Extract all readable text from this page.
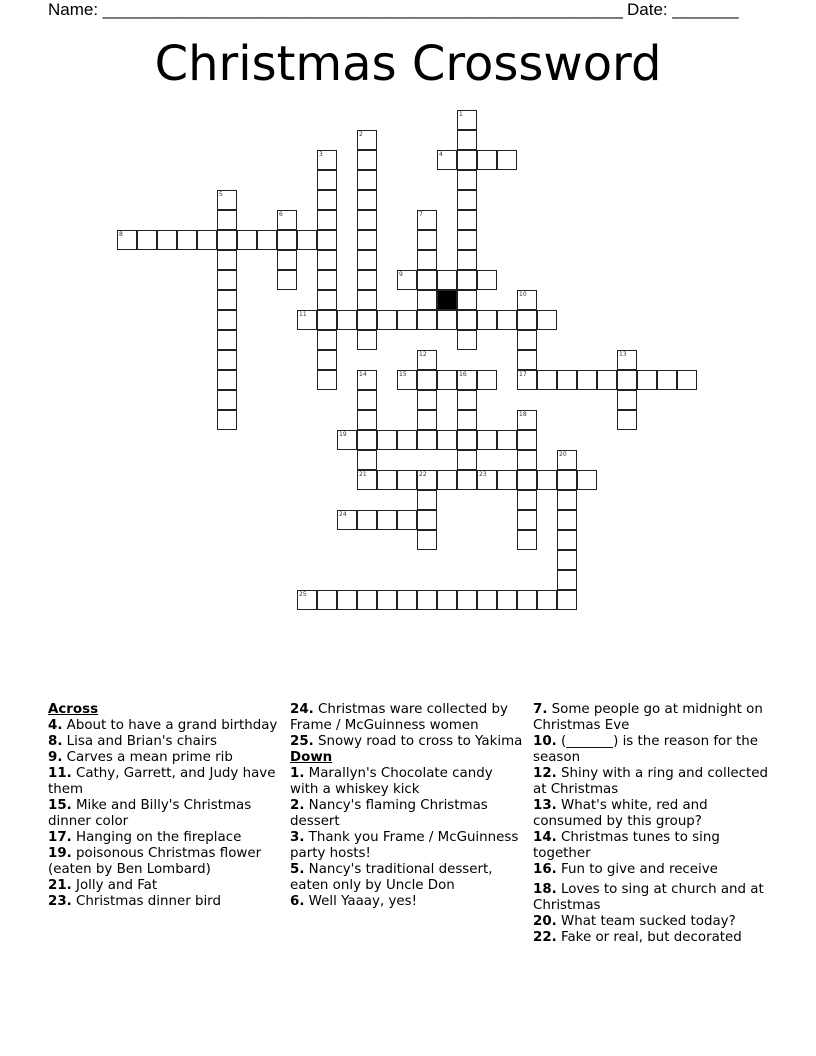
Name: _______________________________________________________ Date: _______
Christmas Crossword
1
2
3	4
5
6	7
8
9
10
17
11
12	13
14
21
15	16
18
19
20
22	23
24
25
Across
4. About to have a grand birthday
8. Lisa and Brian's chairs
9. Carves a mean prime rib
11. Cathy, Garrett, and Judy have them
15. Mike and Billy's Christmas dinner color
17. Hanging on the fireplace
19. poisonous Christmas flower (eaten by Ben Lombard)
21. Jolly and Fat
23. Christmas dinner bird
24. Christmas ware collected by Frame / McGuinness women
25. Snowy road to cross to Yakima
Down
1. Marallyn's Chocolate candy with a whiskey kick
2. Nancy's flaming Christmas dessert
3. Thank you Frame / McGuinness party hosts!
5. Nancy's traditional dessert, eaten only by Uncle Don
6. Well Yaaay, yes!
7. Some people go at midnight on Christmas Eve
10. (_______) is the reason for the season
12. Shiny with a ring and collected at Christmas
13. What's white, red and consumed by this group?
14. Christmas tunes to sing together
16. Fun to give and receive
18. Loves to sing at church and at Christmas
20. What team sucked today?
22. Fake or real, but decorated
